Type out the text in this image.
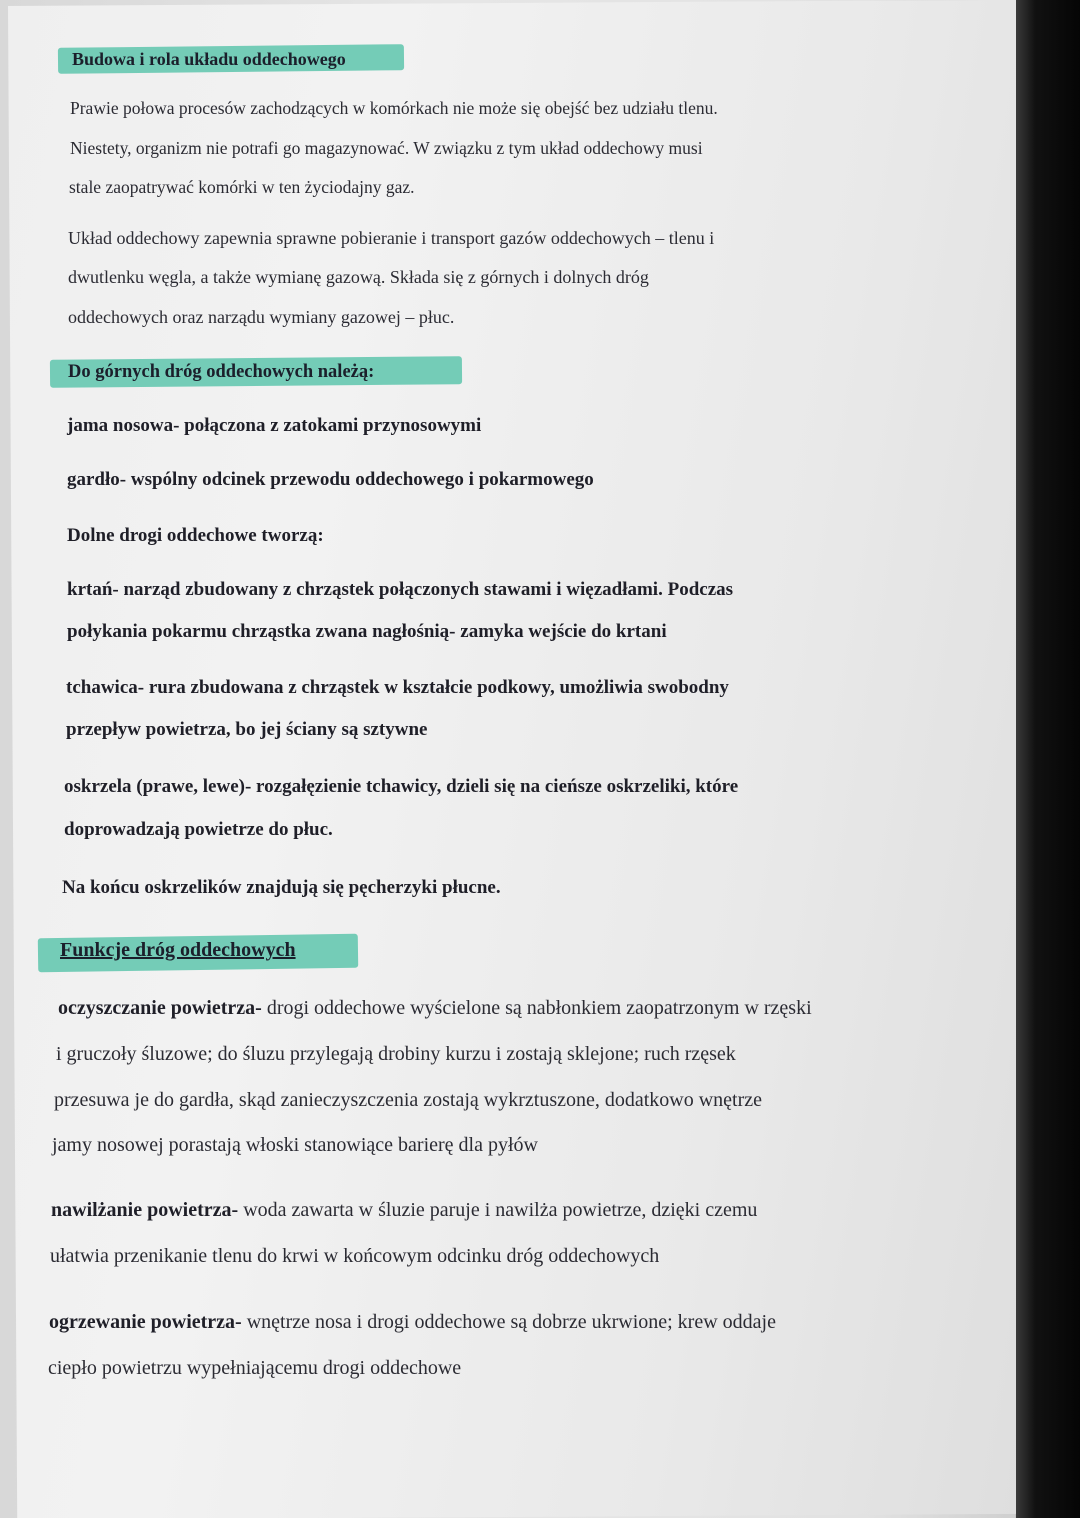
Budowa i rola układu oddechowego
Prawie połowa procesów zachodzących w komórkach nie może się obejść bez udziału tlenu.
Niestety, organizm nie potrafi go magazynować. W związku z tym układ oddechowy musi
stale zaopatrywać komórki w ten życiodajny gaz.
Układ oddechowy zapewnia sprawne pobieranie i transport gazów oddechowych – tlenu i
dwutlenku węgla, a także wymianę gazową. Składa się z górnych i dolnych dróg
oddechowych oraz narządu wymiany gazowej – płuc.
Do górnych dróg oddechowych należą:
jama nosowa- połączona z zatokami przynosowymi
gardło- wspólny odcinek przewodu oddechowego i pokarmowego
Dolne drogi oddechowe tworzą:
krtań- narząd zbudowany z chrząstek połączonych stawami i więzadłami. Podczas
połykania pokarmu chrząstka zwana nagłośnią- zamyka wejście do krtani
tchawica- rura zbudowana z chrząstek w kształcie podkowy, umożliwia swobodny
przepływ powietrza, bo jej ściany są sztywne
oskrzela (prawe, lewe)- rozgałęzienie tchawicy, dzieli się na cieńsze oskrzeliki, które
doprowadzają powietrze do płuc.
Na końcu oskrzelików znajdują się pęcherzyki płucne.
Funkcje dróg oddechowych
oczyszczanie powietrza- drogi oddechowe wyścielone są nabłonkiem zaopatrzonym w rzęski
i gruczoły śluzowe; do śluzu przylegają drobiny kurzu i zostają sklejone; ruch rzęsek
przesuwa je do gardła, skąd zanieczyszczenia zostają wykrztuszone, dodatkowo wnętrze
jamy nosowej porastają włoski stanowiące barierę dla pyłów
nawilżanie powietrza- woda zawarta w śluzie paruje i nawilża powietrze, dzięki czemu
ułatwia przenikanie tlenu do krwi w końcowym odcinku dróg oddechowych
ogrzewanie powietrza- wnętrze nosa i drogi oddechowe są dobrze ukrwione; krew oddaje
ciepło powietrzu wypełniającemu drogi oddechowe
